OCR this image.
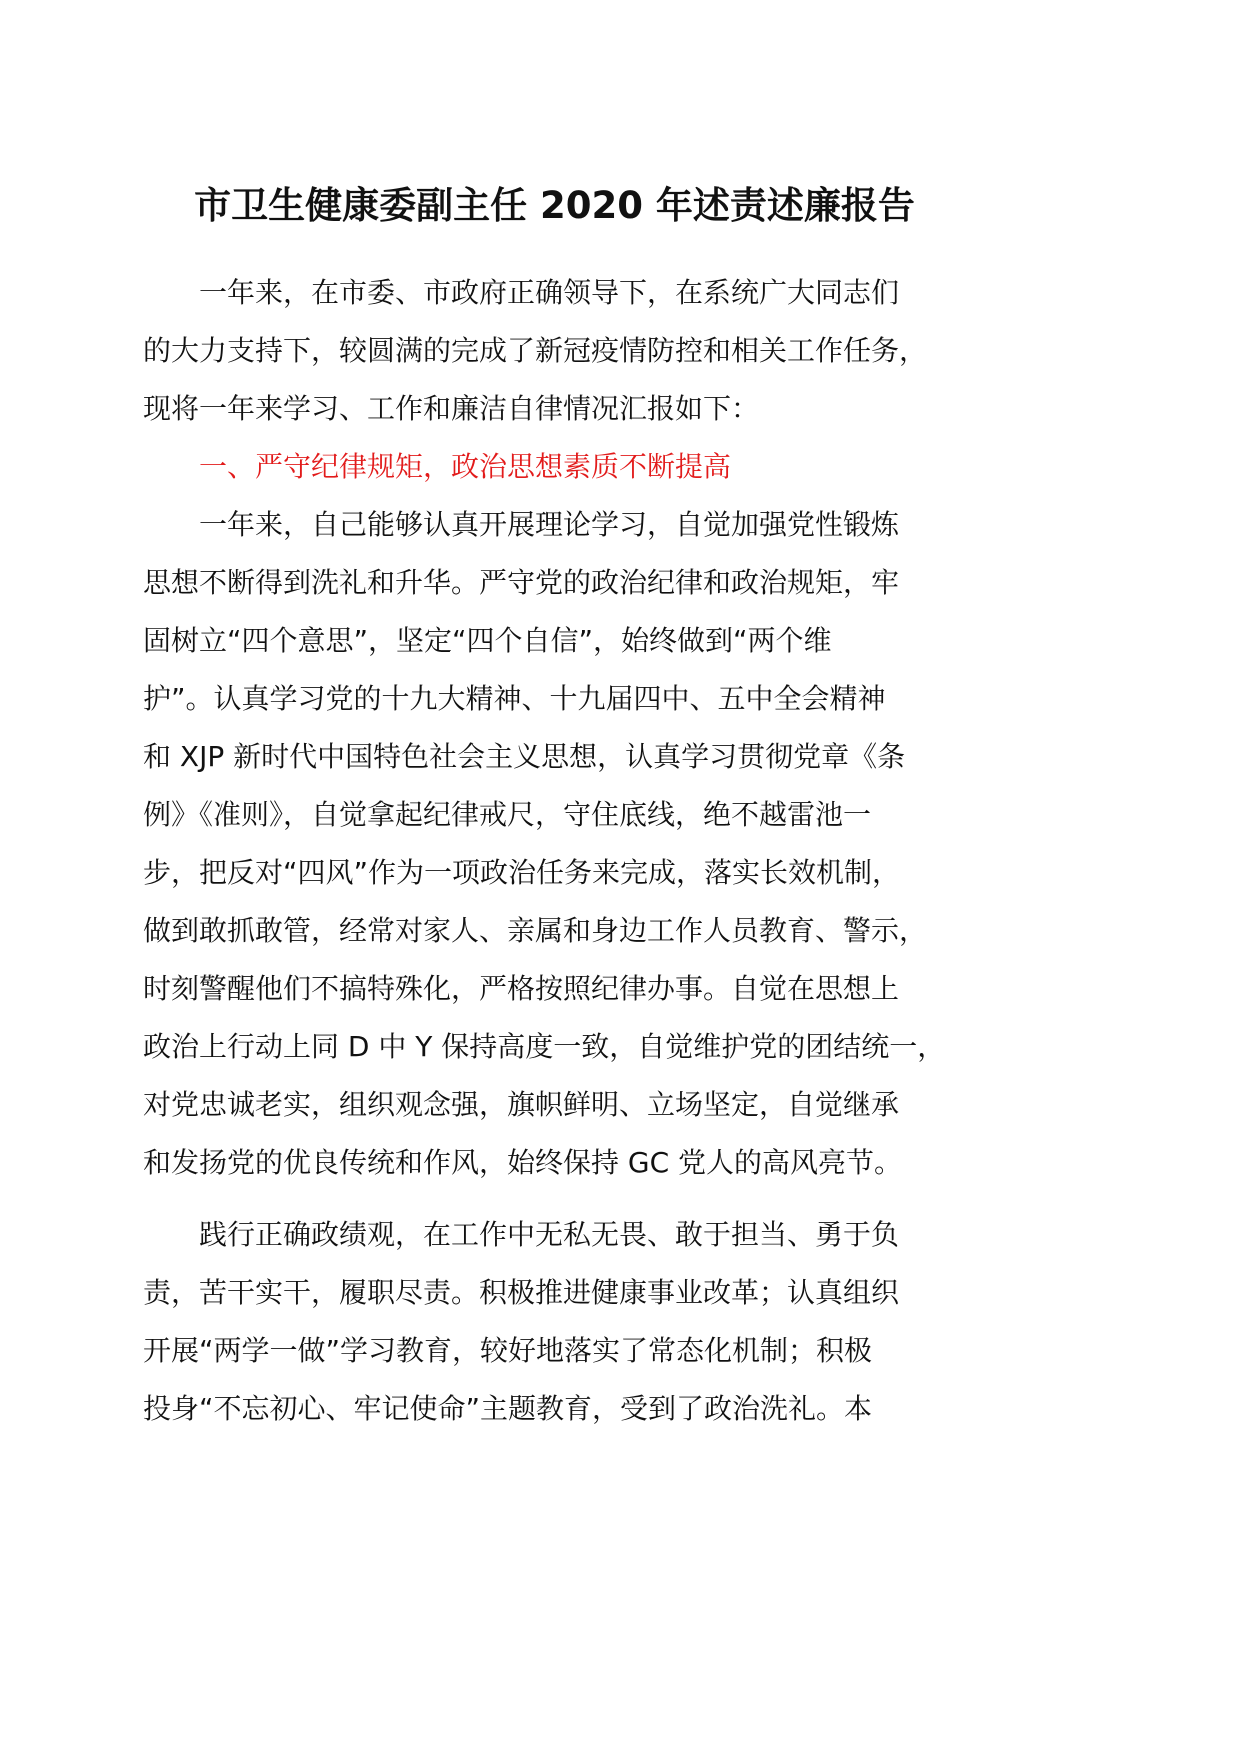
市卫生健康委副主任 2020 年述责述廉报告
　　一年来，在市委、市政府正确领导下，在系统广大同志们
的大力支持下，较圆满的完成了新冠疫情防控和相关工作任务，
现将一年来学习、工作和廉洁自律情况汇报如下：
　　一、严守纪律规矩，政治思想素质不断提高
　　一年来，自己能够认真开展理论学习，自觉加强党性锻炼
思想不断得到洗礼和升华。严守党的政治纪律和政治规矩，牢
固树立“四个意思”，坚定“四个自信”，始终做到“两个维
护”。认真学习党的十九大精神、十九届四中、五中全会精神
和 XJP 新时代中国特色社会主义思想，认真学习贯彻党章《条
例》《准则》，自觉拿起纪律戒尺，守住底线，绝不越雷池一
步，把反对“四风”作为一项政治任务来完成，落实长效机制，
做到敢抓敢管，经常对家人、亲属和身边工作人员教育、警示，
时刻警醒他们不搞特殊化，严格按照纪律办事。自觉在思想上
政治上行动上同 D 中 Y 保持高度一致，自觉维护党的团结统一，
对党忠诚老实，组织观念强，旗帜鲜明、立场坚定，自觉继承
和发扬党的优良传统和作风，始终保持 GC 党人的高风亮节。
　　践行正确政绩观，在工作中无私无畏、敢于担当、勇于负
责，苦干实干，履职尽责。积极推进健康事业改革；认真组织
开展“两学一做”学习教育，较好地落实了常态化机制；积极
投身“不忘初心、牢记使命”主题教育，受到了政治洗礼。本
